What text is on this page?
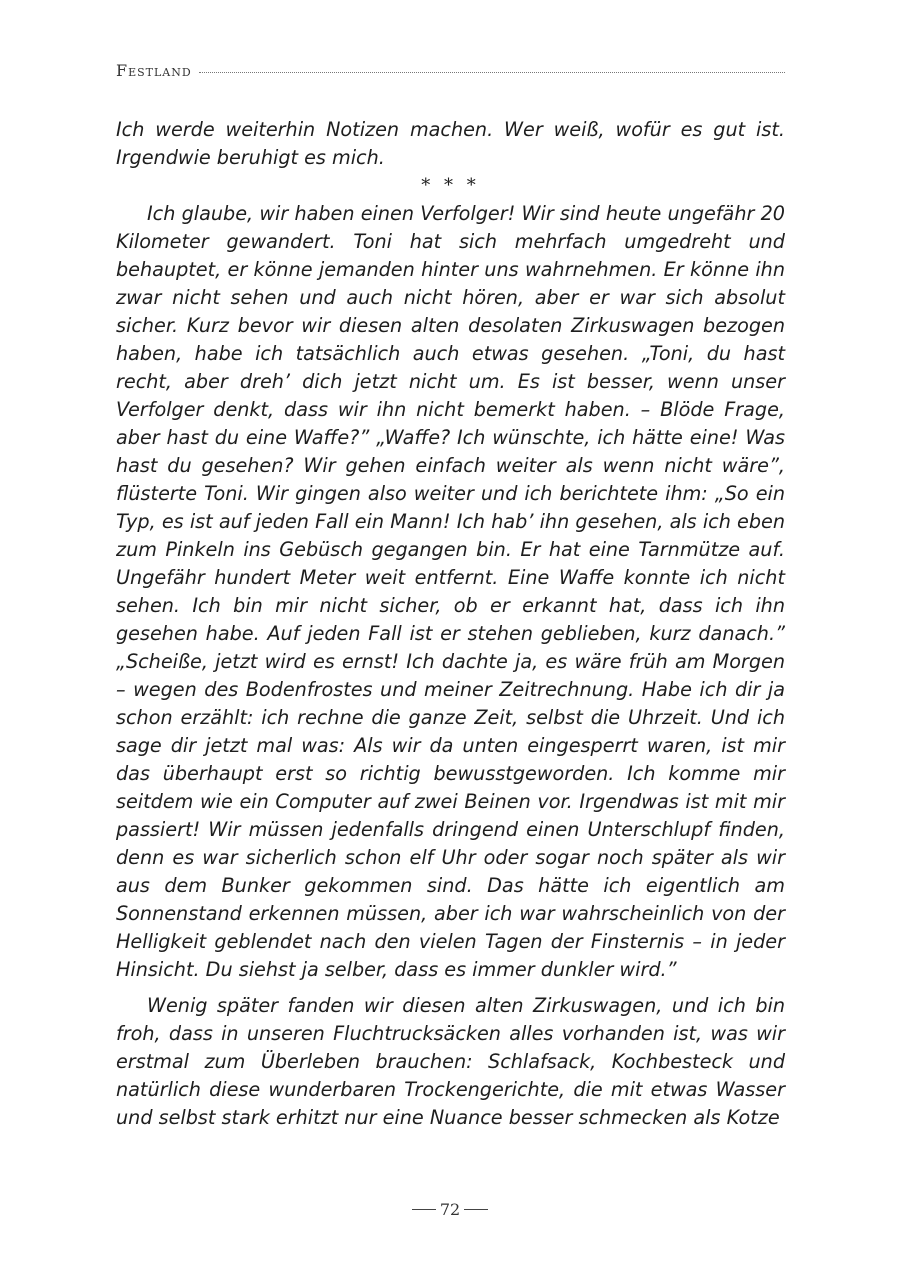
Festland

Ich werde weiterhin Notizen machen. Wer weiß, wofür es gut ist. Irgendwie beruhigt es mich.

* * *

Ich glaube, wir haben einen Verfolger! Wir sind heute ungefähr 20 Kilometer gewandert. Toni hat sich mehrfach umgedreht und behauptet, er könne jemanden hinter uns wahrnehmen. Er könne ihn zwar nicht sehen und auch nicht hören, aber er war sich absolut sicher. Kurz bevor wir diesen alten desolaten Zirkuswagen bezogen haben, habe ich tatsächlich auch etwas gesehen. „Toni, du hast recht, aber dreh’ dich jetzt nicht um. Es ist besser, wenn unser Verfolger denkt, dass wir ihn nicht bemerkt haben. – Blöde Frage, aber hast du eine Waffe?” „Waffe? Ich wünschte, ich hätte eine! Was hast du gesehen? Wir gehen einfach weiter als wenn nicht wäre”, flüsterte Toni. Wir gingen also weiter und ich berichtete ihm: „So ein Typ, es ist auf jeden Fall ein Mann! Ich hab’ ihn gesehen, als ich eben zum Pinkeln ins Gebüsch gegangen bin. Er hat eine Tarnmütze auf. Ungefähr hundert Meter weit entfernt. Eine Waffe konnte ich nicht sehen. Ich bin mir nicht sicher, ob er erkannt hat, dass ich ihn gesehen habe. Auf jeden Fall ist er stehen geblieben, kurz danach.” „Scheiße, jetzt wird es ernst! Ich dachte ja, es wäre früh am Morgen – wegen des Bodenfrostes und meiner Zeitrechnung. Habe ich dir ja schon erzählt: ich rechne die ganze Zeit, selbst die Uhrzeit. Und ich sage dir jetzt mal was: Als wir da unten eingesperrt waren, ist mir das überhaupt erst so richtig bewusstgeworden. Ich komme mir seitdem wie ein Computer auf zwei Beinen vor. Irgendwas ist mit mir passiert! Wir müssen jedenfalls dringend einen Unterschlupf finden, denn es war sicherlich schon elf Uhr oder sogar noch später als wir aus dem Bunker gekommen sind. Das hätte ich eigentlich am Sonnenstand erkennen müssen, aber ich war wahrscheinlich von der Helligkeit geblendet nach den vielen Tagen der Finsternis – in jeder Hinsicht. Du siehst ja selber, dass es immer dunkler wird.”

Wenig später fanden wir diesen alten Zirkuswagen, und ich bin froh, dass in unseren Fluchtrucksäcken alles vorhanden ist, was wir erstmal zum Überleben brauchen: Schlafsack, Kochbesteck und natürlich diese wunderbaren Trockengerichte, die mit etwas Wasser und selbst stark erhitzt nur eine Nuance besser schmecken als Kotze

72
